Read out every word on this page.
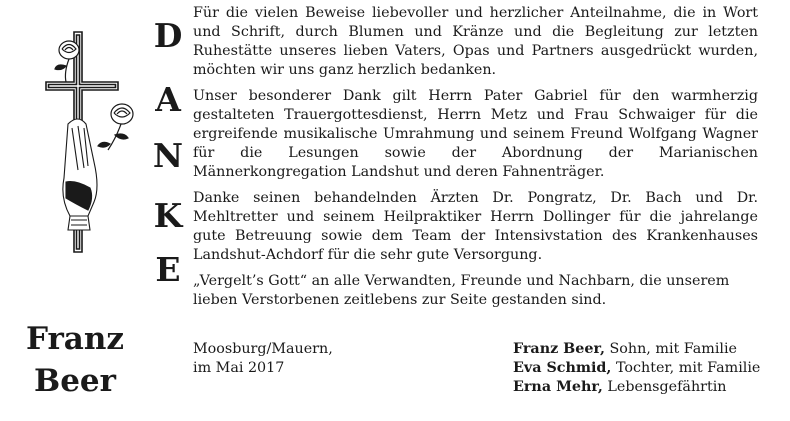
Franz
Beer
D
A
N
K
E

Für die vielen Beweise liebevoller und herzlicher Anteilnahme, die in Wort und Schrift, durch Blumen und Kränze und die Begleitung zur letzten Ruhestätte unseres lieben Vaters, Opas und Partners ausgedrückt wurden, möchten wir uns ganz herzlich bedanken.

Unser besonderer Dank gilt Herrn Pater Gabriel für den warmherzig gestalteten Trauergottesdienst, Herrn Metz und Frau Schwaiger für die ergreifende musikalische Umrahmung und seinem Freund Wolfgang Wagner für die Lesungen sowie der Abordnung der Marianischen Männerkongregation Landshut und deren Fahnenträger.

Danke seinen behandelnden Ärzten Dr. Pongratz, Dr. Bach und Dr. Mehltretter und seinem Heilpraktiker Herrn Dollinger für die jahrelange gute Betreuung sowie dem Team der Intensivstation des Krankenhauses Landshut-Achdorf für die sehr gute Versorgung.

„Vergelt’s Gott“ an alle Verwandten, Freunde und Nachbarn, die unserem lieben Verstorbenen zeitlebens zur Seite gestanden sind.

Moosburg/Mauern,
im Mai 2017
Franz Beer, Sohn, mit Familie
Eva Schmid, Tochter, mit Familie
Erna Mehr, Lebensgefährtin
